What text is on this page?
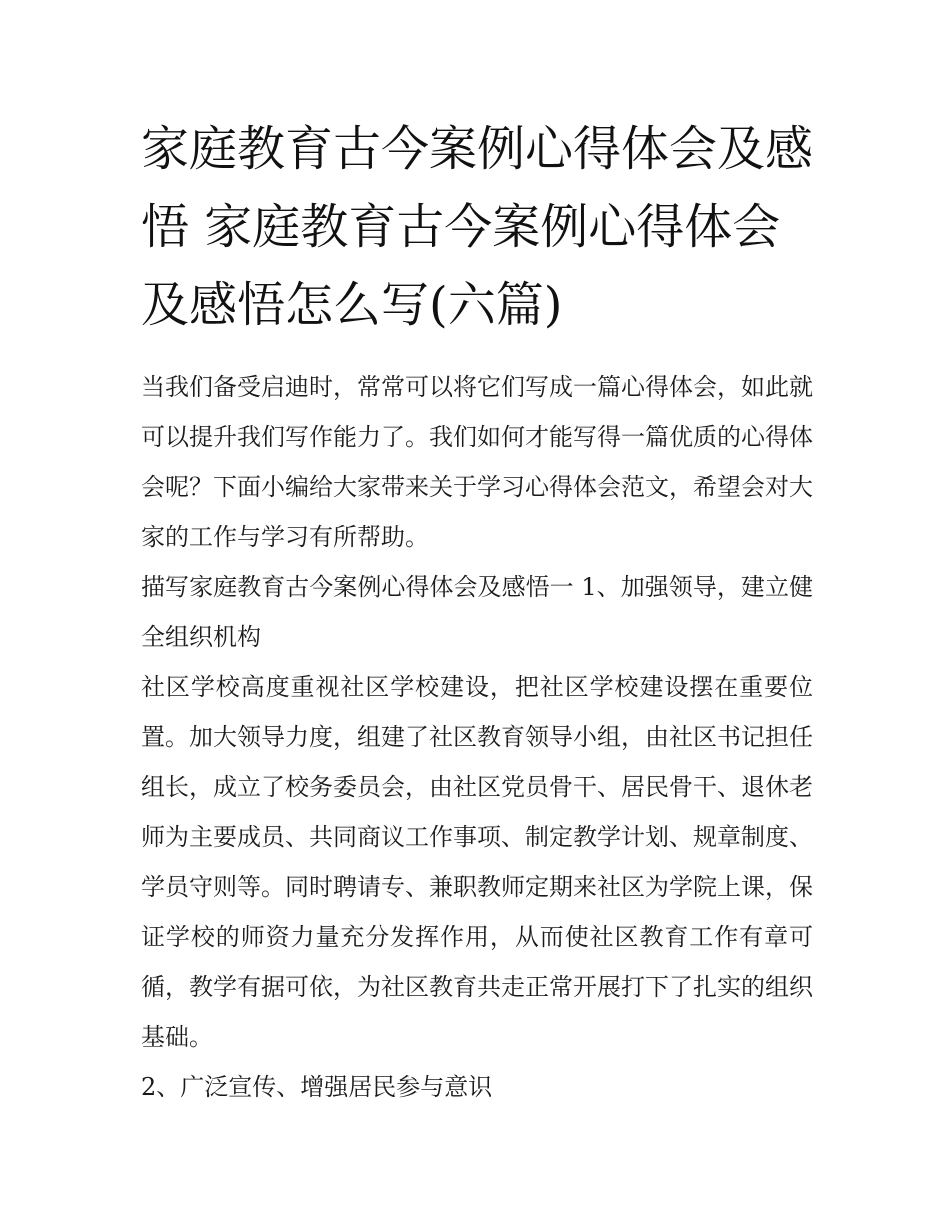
家庭教育古今案例心得体会及感悟 家庭教育古今案例心得体会及感悟怎么写(六篇)

当我们备受启迪时，常常可以将它们写成一篇心得体会，如此就可以提升我们写作能力了。我们如何才能写得一篇优质的心得体会呢？下面小编给大家带来关于学习心得体会范文，希望会对大家的工作与学习有所帮助。

描写家庭教育古今案例心得体会及感悟一 1、加强领导，建立健全组织机构

社区学校高度重视社区学校建设，把社区学校建设摆在重要位置。加大领导力度，组建了社区教育领导小组，由社区书记担任组长，成立了校务委员会，由社区党员骨干、居民骨干、退休老师为主要成员、共同商议工作事项、制定教学计划、规章制度、学员守则等。同时聘请专、兼职教师定期来社区为学院上课，保证学校的师资力量充分发挥作用，从而使社区教育工作有章可循，教学有据可依，为社区教育共走正常开展打下了扎实的组织基础。

2、广泛宣传、增强居民参与意识
